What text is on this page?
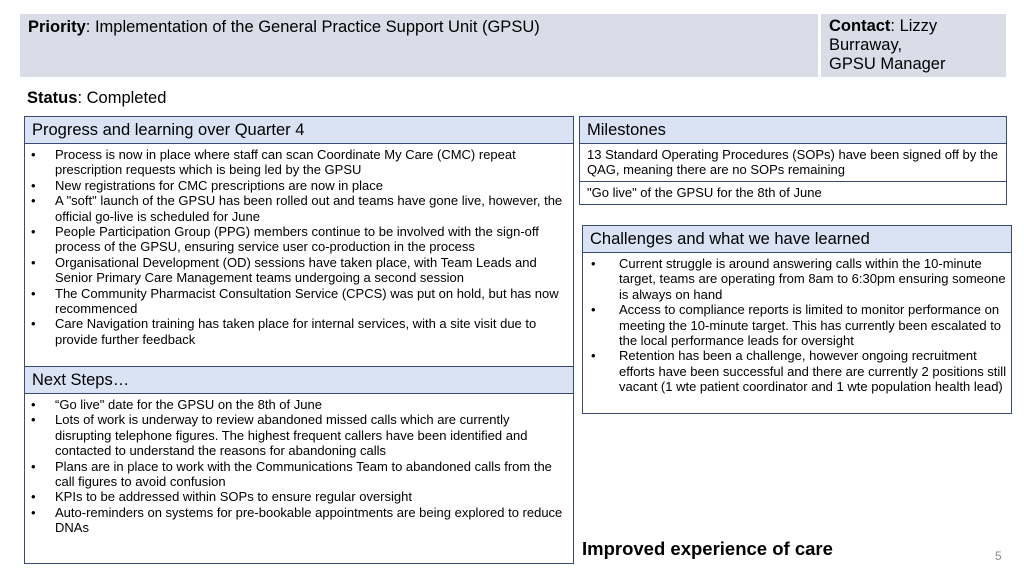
Priority: Implementation of the General Practice Support Unit (GPSU)	Contact: Lizzy
Burraway,
GPSU Manager
Status: Completed
Progress and learning over Quarter 4
• Process is now in place where staff can scan Coordinate My Care (CMC) repeat prescription requests which is being led by the GPSU
• New registrations for CMC prescriptions are now in place
• A "soft" launch of the GPSU has been rolled out and teams have gone live, however, the official go-live is scheduled for June
• People Participation Group (PPG) members continue to be involved with the sign-off process of the GPSU, ensuring service user co-production in the process
• Organisational Development (OD) sessions have taken place, with Team Leads and Senior Primary Care Management teams undergoing a second session
• The Community Pharmacist Consultation Service (CPCS) was put on hold, but has now recommenced
• Care Navigation training has taken place for internal services, with a site visit due to provide further feedback
Next Steps…
• “Go live" date for the GPSU on the 8th of June
• Lots of work is underway to review abandoned missed calls which are currently disrupting telephone figures. The highest frequent callers have been identified and contacted to understand the reasons for abandoning calls
• Plans are in place to work with the Communications Team to abandoned calls from the call figures to avoid confusion
• KPIs to be addressed within SOPs to ensure regular oversight
• Auto-reminders on systems for pre-bookable appointments are being explored to reduce DNAs
Milestones
13 Standard Operating Procedures (SOPs) have been signed off by the QAG, meaning there are no SOPs remaining
"Go live" of the GPSU for the 8th of June
Challenges and what we have learned
• Current struggle is around answering calls within the 10-minute target, teams are operating from 8am to 6:30pm ensuring someone is always on hand
• Access to compliance reports is limited to monitor performance on meeting the 10-minute target. This has currently been escalated to the local performance leads for oversight
• Retention has been a challenge, however ongoing recruitment efforts have been successful and there are currently 2 positions still vacant (1 wte patient coordinator and 1 wte population health lead)
Improved experience of care	5
